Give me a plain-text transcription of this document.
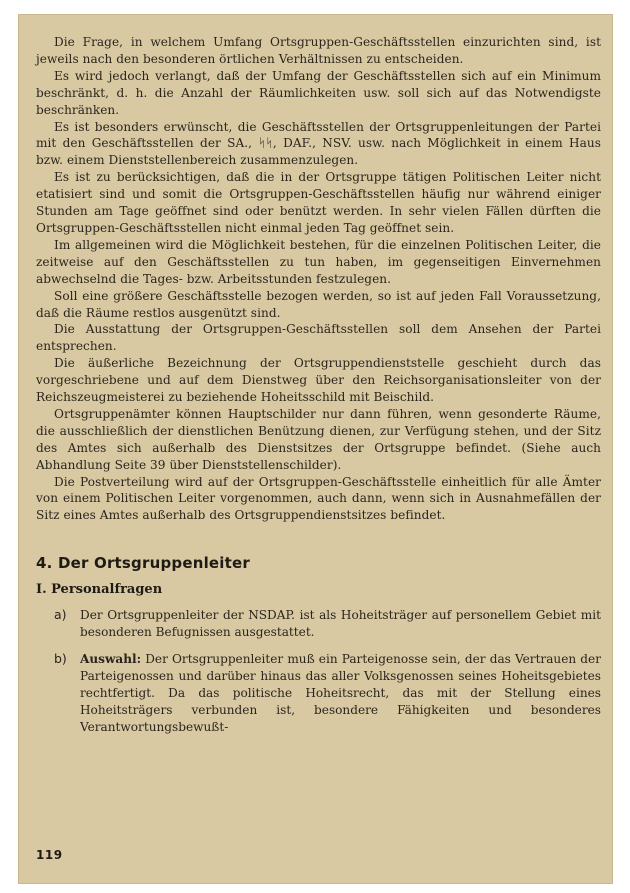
Die Frage, in welchem Umfang Ortsgruppen-Geschäftsstellen einzurichten sind, ist jeweils nach den besonderen örtlichen Verhältnissen zu entscheiden.

Es wird jedoch verlangt, daß der Umfang der Geschäftsstellen sich auf ein Minimum beschränkt, d. h. die Anzahl der Räumlichkeiten usw. soll sich auf das Notwendigste beschränken.

Es ist besonders erwünscht, die Geschäftsstellen der Ortsgruppenleitungen der Partei mit den Geschäftsstellen der SA., ᛋᛋ, DAF., NSV. usw. nach Möglichkeit in einem Haus bzw. einem Dienststellenbereich zusammenzulegen.

Es ist zu berücksichtigen, daß die in der Ortsgruppe tätigen Politischen Leiter nicht etatisiert sind und somit die Ortsgruppen-Geschäftsstellen häufig nur während einiger Stunden am Tage geöffnet sind oder benützt werden. In sehr vielen Fällen dürften die Ortsgruppen-Geschäftsstellen nicht einmal jeden Tag geöffnet sein.

Im allgemeinen wird die Möglichkeit bestehen, für die einzelnen Politischen Leiter, die zeitweise auf den Geschäftsstellen zu tun haben, im gegenseitigen Einvernehmen abwechselnd die Tages- bzw. Arbeitsstunden festzulegen.

Soll eine größere Geschäftsstelle bezogen werden, so ist auf jeden Fall Voraussetzung, daß die Räume restlos ausgenützt sind.

Die Ausstattung der Ortsgruppen-Geschäftsstellen soll dem Ansehen der Partei entsprechen.

Die äußerliche Bezeichnung der Ortsgruppendienststelle geschieht durch das vorgeschriebene und auf dem Dienstweg über den Reichsorganisationsleiter von der Reichszeugmeisterei zu beziehende Hoheitsschild mit Beischild.

Ortsgruppenämter können Hauptschilder nur dann führen, wenn gesonderte Räume, die ausschließlich der dienstlichen Benützung dienen, zur Verfügung stehen, und der Sitz des Amtes sich außerhalb des Dienstsitzes der Ortsgruppe befindet. (Siehe auch Abhandlung Seite 39 über Dienststellenschilder).

Die Postverteilung wird auf der Ortsgruppen-Geschäftsstelle einheitlich für alle Ämter von einem Politischen Leiter vorgenommen, auch dann, wenn sich in Ausnahmefällen der Sitz eines Amtes außerhalb des Ortsgruppendienstsitzes befindet.

4. Der Ortsgruppenleiter
I. Personalfragen
a)	Der Ortsgruppenleiter der NSDAP. ist als Hoheitsträger auf personellem Gebiet mit besonderen Befugnissen ausgestattet.
b)	Auswahl: Der Ortsgruppenleiter muß ein Parteigenosse sein, der das Vertrauen der Parteigenossen und darüber hinaus das aller Volksgenossen seines Hoheitsgebietes rechtfertigt. Da das politische Hoheitsrecht, das mit der Stellung eines Hoheitsträgers verbunden ist, besondere Fähigkeiten und besonderes Verantwortungsbewußt-
119
